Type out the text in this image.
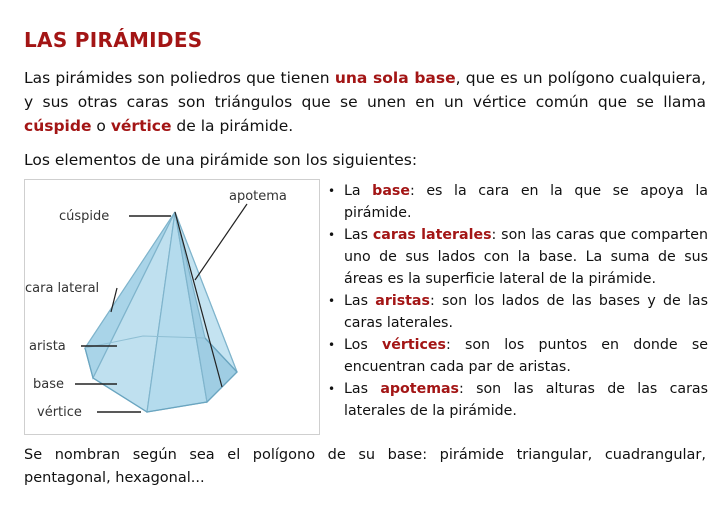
LAS PIRÁMIDES
Las pirámides son poliedros que tienen una sola base, que es un polígono cualquiera, y sus otras caras son triángulos que se unen en un vértice común que se llama cúspide o vértice de la pirámide.
Los elementos de una pirámide son los siguientes:
cúspide
apotema
cara lateral
arista
base
vértice
• La base: es la cara en la que se apoya la pirámide.
• Las caras laterales: son las caras que comparten uno de sus lados con la base. La suma de sus áreas es la superficie lateral de la pirámide.
• Las aristas: son los lados de las bases y de las caras laterales.
• Los vértices: son los puntos en donde se encuentran cada par de aristas.
• Las apotemas: son las alturas de las caras laterales de la pirámide.
Se nombran según sea el polígono de su base: pirámide triangular, cuadrangular, pentagonal, hexagonal...
